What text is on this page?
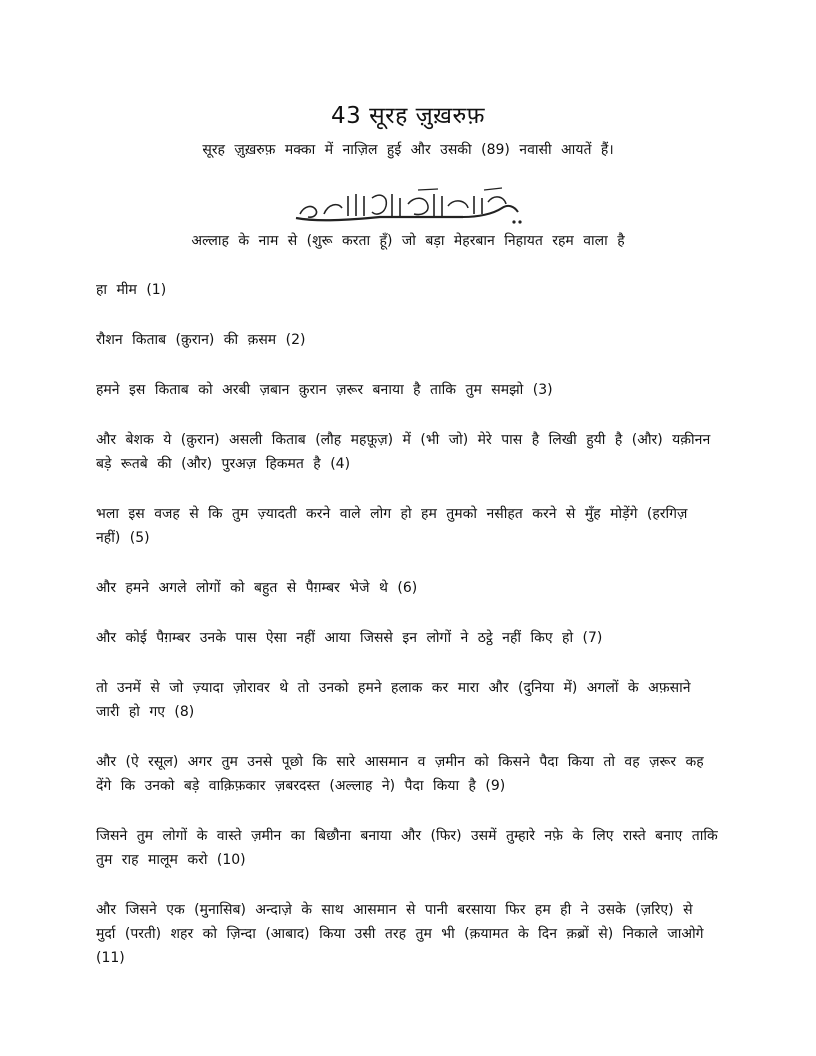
43 सूरह ज़ुख़रुफ़
सूरह ज़ुख़रुफ़ मक्का में नाज़िल हुई और उसकी (89) नवासी आयतें हैं।
अल्लाह के नाम से (शुरू करता हूँ) जो बड़ा मेहरबान निहायत रहम वाला है

हा मीम (1)

रौशन किताब (क़ुरान) की क़सम (2)

हमने इस किताब को अरबी ज़बान क़ुरान ज़रूर बनाया है ताकि तुम समझो (3)

और बेशक ये (क़ुरान) असली किताब (लौह महफ़ूज़) में (भी जो) मेरे पास है लिखी हुयी है (और) यक़ीनन बड़े रूतबे की (और) पुरअज़ हिकमत है (4)

भला इस वजह से कि तुम ज़्यादती करने वाले लोग हो हम तुमको नसीहत करने से मुँह मोड़ेंगे (हरगिज़ नहीं) (5)

और हमने अगले लोगों को बहुत से पैग़म्बर भेजे थे (6)

और कोई पैग़म्बर उनके पास ऐसा नहीं आया जिससे इन लोगों ने ठट्ठे नहीं किए हो (7)

तो उनमें से जो ज़्यादा ज़ोरावर थे तो उनको हमने हलाक कर मारा और (दुनिया में) अगलों के अफ़साने जारी हो गए (8)

और (ऐ रसूल) अगर तुम उनसे पूछो कि सारे आसमान व ज़मीन को किसने पैदा किया तो वह ज़रूर कह देंगे कि उनको बड़े वाक़िफ़कार ज़बरदस्त (अल्लाह ने) पैदा किया है (9)

जिसने तुम लोगों के वास्ते ज़मीन का बिछौना बनाया और (फिर) उसमें तुम्हारे नफ़े के लिए रास्ते बनाए ताकि तुम राह मालूम करो (10)

और जिसने एक (मुनासिब) अन्दाज़े के साथ आसमान से पानी बरसाया फिर हम ही ने उसके (ज़रिए) से मुर्दा (परती) शहर को ज़िन्दा (आबाद) किया उसी तरह तुम भी (क़यामत के दिन क़ब्रों से) निकाले जाओगे (11)
